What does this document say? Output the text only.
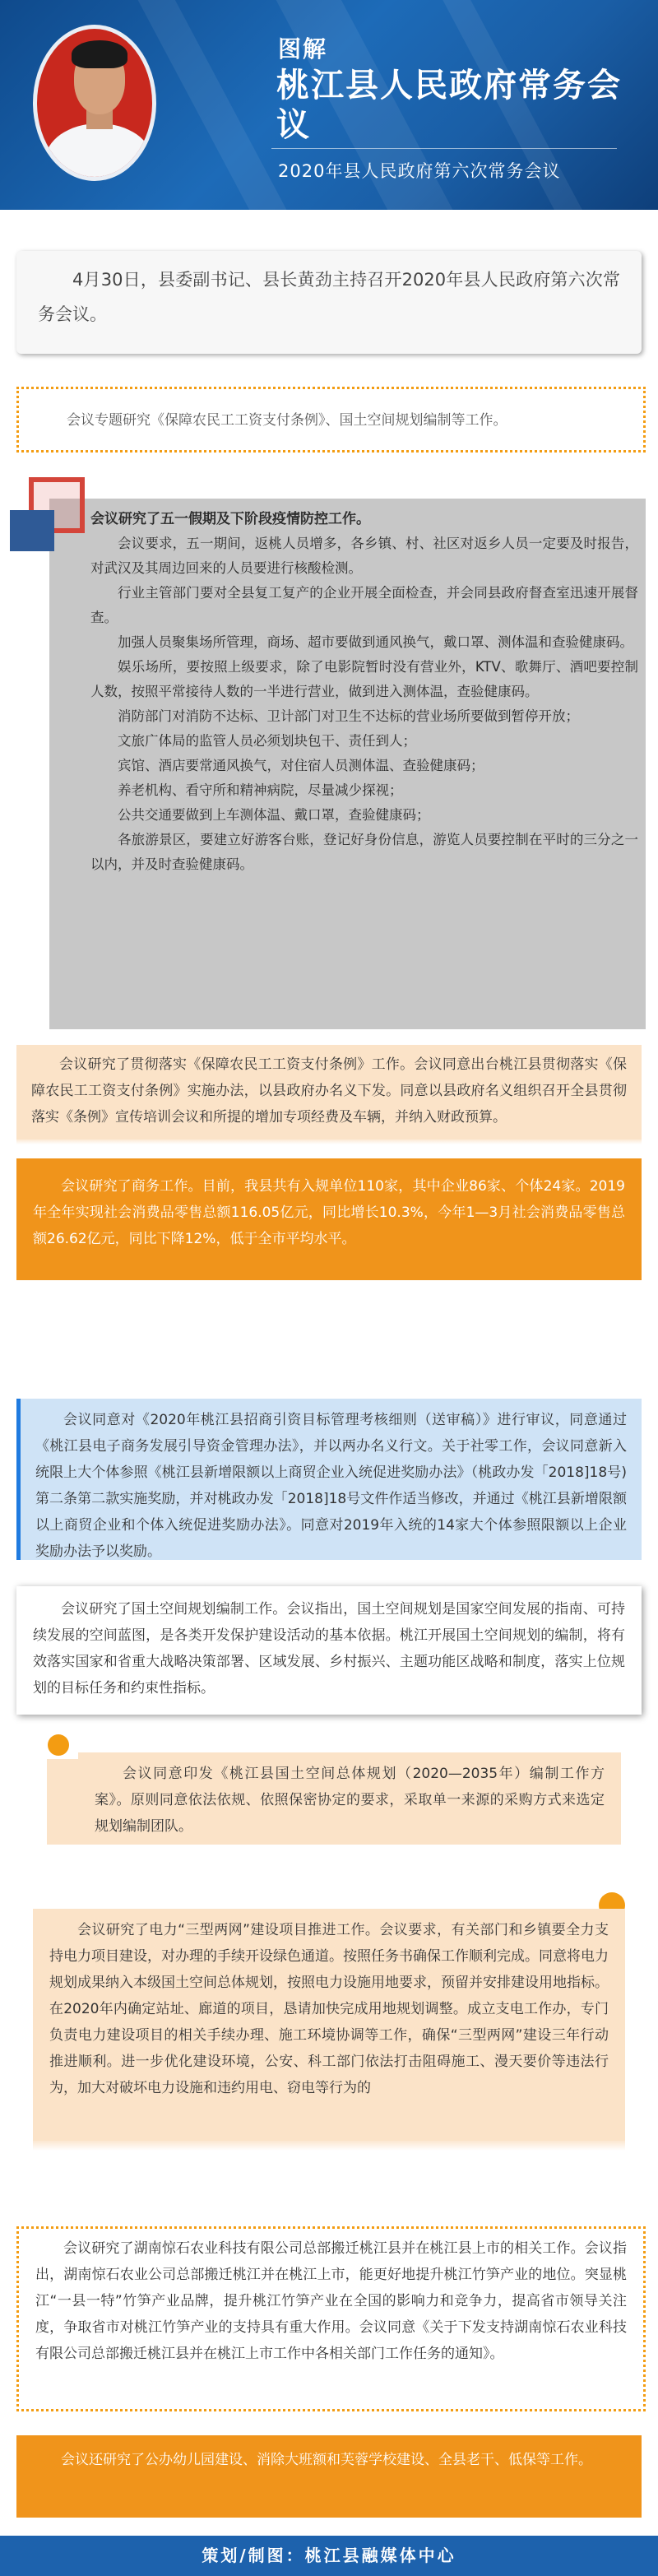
图解
桃江县人民政府常务会议
2020年县人民政府第六次常务会议

4月30日，县委副书记、县长黄劲主持召开2020年县人民政府第六次常务会议。

会议专题研究《保障农民工工资支付条例》、国土空间规划编制等工作。

会议研究了五一假期及下阶段疫情防控工作。

会议要求，五一期间，返桃人员增多，各乡镇、村、社区对返乡人员一定要及时报告，对武汉及其周边回来的人员要进行核酸检测。

行业主管部门要对全县复工复产的企业开展全面检查，并会同县政府督查室迅速开展督查。

加强人员聚集场所管理，商场、超市要做到通风换气，戴口罩、测体温和查验健康码。

娱乐场所，要按照上级要求，除了电影院暂时没有营业外，KTV、歌舞厅、酒吧要控制人数，按照平常接待人数的一半进行营业，做到进入测体温，查验健康码。

消防部门对消防不达标、卫计部门对卫生不达标的营业场所要做到暂停开放；

文旅广体局的监管人员必须划块包干、责任到人；

宾馆、酒店要常通风换气，对住宿人员测体温、查验健康码；

养老机构、看守所和精神病院，尽量减少探视；

公共交通要做到上车测体温、戴口罩，查验健康码；

各旅游景区，要建立好游客台账，登记好身份信息，游览人员要控制在平时的三分之一以内，并及时查验健康码。

会议研究了贯彻落实《保障农民工工资支付条例》工作。会议同意出台桃江县贯彻落实《保障农民工工资支付条例》实施办法，以县政府办名义下发。同意以县政府名义组织召开全县贯彻落实《条例》宣传培训会议和所提的增加专项经费及车辆，并纳入财政预算。

会议研究了商务工作。目前，我县共有入规单位110家，其中企业86家、个体24家。2019年全年实现社会消费品零售总额116.05亿元，同比增长10.3%，今年1—3月社会消费品零售总额26.62亿元，同比下降12%，低于全市平均水平。

会议同意对《2020年桃江县招商引资目标管理考核细则（送审稿）》进行审议，同意通过《桃江县电子商务发展引导资金管理办法》，并以两办名义行文。关于社零工作，会议同意新入统限上大个体参照《桃江县新增限额以上商贸企业入统促进奖励办法》（桃政办发「2018]18号)第二条第二款实施奖励，并对桃政办发「2018]18号文件作适当修改，并通过《桃江县新增限额以上商贸企业和个体入统促进奖励办法》。同意对2019年入统的14家大个体参照限额以上企业奖励办法予以奖励。

会议研究了国土空间规划编制工作。会议指出，国土空间规划是国家空间发展的指南、可持续发展的空间蓝图，是各类开发保护建设活动的基本依据。桃江开展国土空间规划的编制，将有效落实国家和省重大战略决策部署、区域发展、乡村振兴、主题功能区战略和制度，落实上位规划的目标任务和约束性指标。

会议同意印发《桃江县国土空间总体规划（2020—2035年）编制工作方案》。原则同意依法依规、依照保密协定的要求，采取单一来源的采购方式来选定规划编制团队。

会议研究了电力“三型两网”建设项目推进工作。会议要求，有关部门和乡镇要全力支持电力项目建设，对办理的手续开设绿色通道。按照任务书确保工作顺利完成。同意将电力规划成果纳入本级国土空间总体规划，按照电力设施用地要求，预留并安排建设用地指标。在2020年内确定站址、廊道的项目，恳请加快完成用地规划调整。成立支电工作办，专门负责电力建设项目的相关手续办理、施工环境协调等工作，确保“三型两网”建设三年行动推进顺利。进一步优化建设环境，公安、科工部门依法打击阻碍施工、漫天要价等违法行为，加大对破坏电力设施和违约用电、窃电等行为的

会议研究了湖南惊石农业科技有限公司总部搬迁桃江县并在桃江县上市的相关工作。会议指出，湖南惊石农业公司总部搬迁桃江并在桃江上市，能更好地提升桃江竹笋产业的地位。突显桃江“一县一特”竹笋产业品牌，提升桃江竹笋产业在全国的影响力和竞争力，提高省市领导关注度，争取省市对桃江竹笋产业的支持具有重大作用。会议同意《关于下发支持湖南惊石农业科技有限公司总部搬迁桃江县并在桃江上市工作中各相关部门工作任务的通知》。

会议还研究了公办幼儿园建设、消除大班额和芙蓉学校建设、全县老干、低保等工作。

策划/制图：桃江县融媒体中心
